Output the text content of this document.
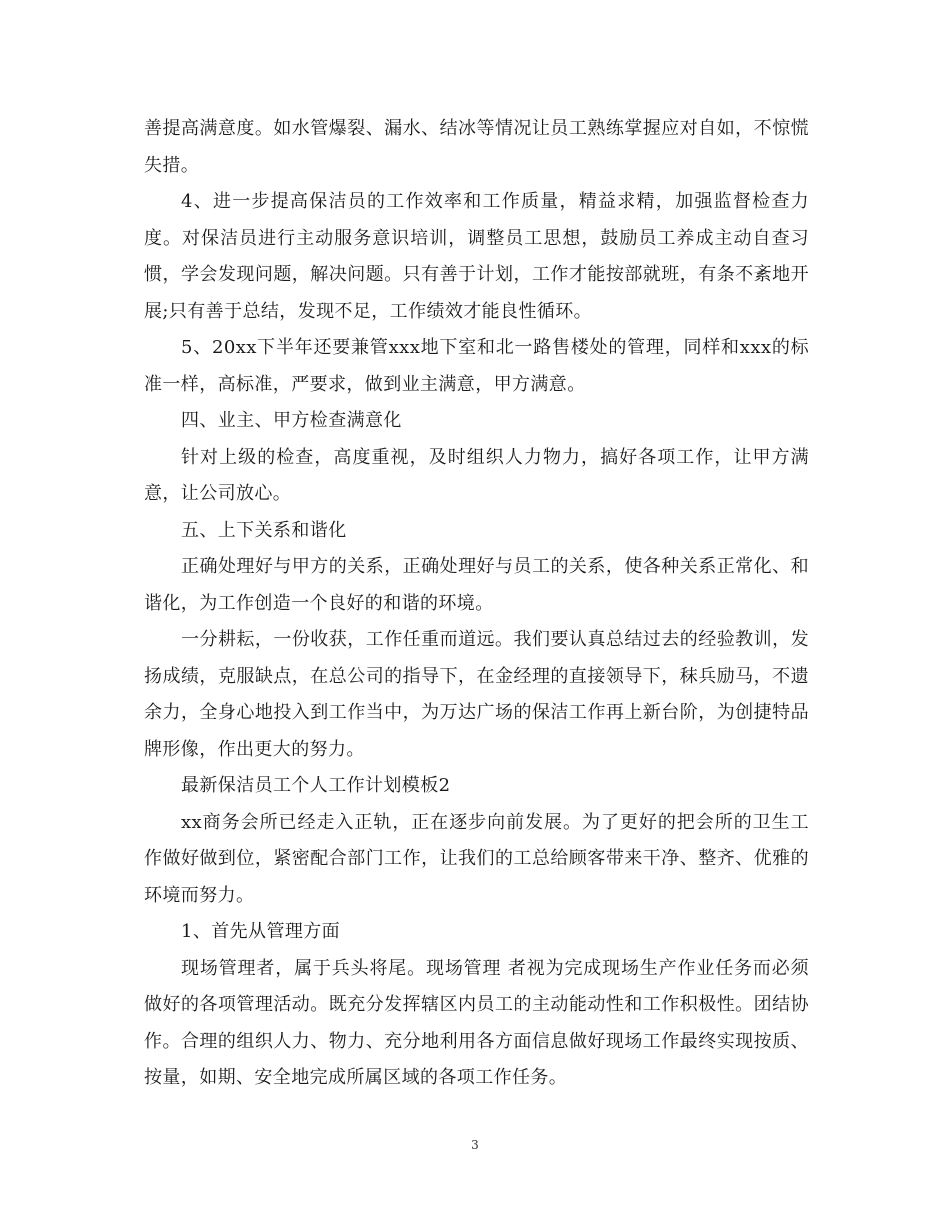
善提高满意度。如水管爆裂、漏水、结冰等情况让员工熟练掌握应对自如，不惊慌失措。

4、进一步提高保洁员的工作效率和工作质量，精益求精，加强监督检查力度。对保洁员进行主动服务意识培训，调整员工思想，鼓励员工养成主动自查习惯，学会发现问题，解决问题。只有善于计划，工作才能按部就班，有条不紊地开展;只有善于总结，发现不足，工作绩效才能良性循环。

5、20xx下半年还要兼管xxx地下室和北一路售楼处的管理，同样和xxx的标准一样，高标准，严要求，做到业主满意，甲方满意。

四、业主、甲方检查满意化

针对上级的检查，高度重视，及时组织人力物力，搞好各项工作，让甲方满意，让公司放心。

五、上下关系和谐化

正确处理好与甲方的关系，正确处理好与员工的关系，使各种关系正常化、和谐化，为工作创造一个良好的和谐的环境。

一分耕耘，一份收获，工作任重而道远。我们要认真总结过去的经验教训，发扬成绩，克服缺点，在总公司的指导下，在金经理的直接领导下，秣兵励马，不遗余力，全身心地投入到工作当中，为万达广场的保洁工作再上新台阶，为创捷特品牌形像，作出更大的努力。

最新保洁员工个人工作计划模板2

xx商务会所已经走入正轨，正在逐步向前发展。为了更好的把会所的卫生工作做好做到位，紧密配合部门工作，让我们的工总给顾客带来干净、整齐、优雅的环境而努力。

1、首先从管理方面

现场管理者，属于兵头将尾。现场管理 者视为完成现场生产作业任务而必须做好的各项管理活动。既充分发挥辖区内员工的主动能动性和工作积极性。团结协作。合理的组织人力、物力、充分地利用各方面信息做好现场工作最终实现按质、按量，如期、安全地完成所属区域的各项工作任务。

3
